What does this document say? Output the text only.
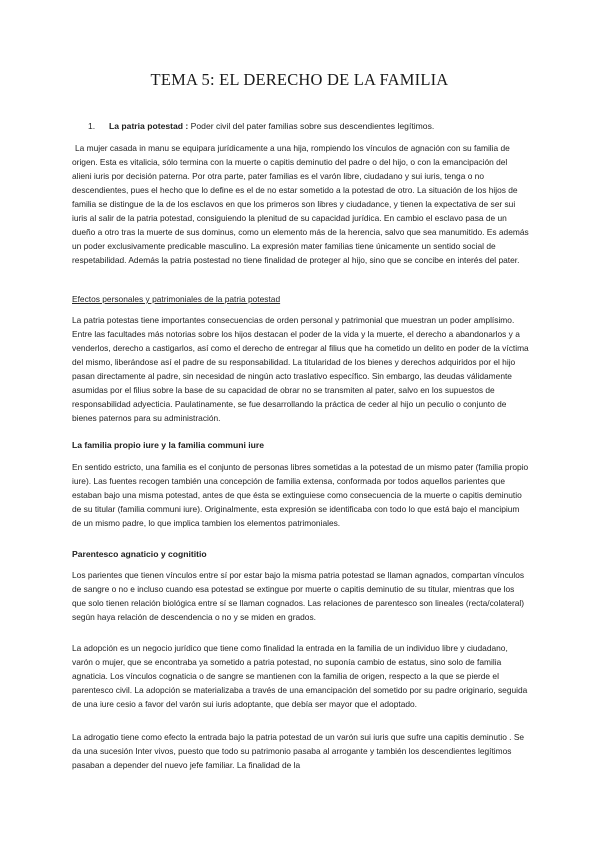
TEMA 5: EL DERECHO DE LA FAMILIA

1. La patria potestad : Poder civil del pater familias sobre sus descendientes legítimos.

La mujer casada in manu se equipara jurídicamente a una hija, rompiendo los vínculos de agnación con su familia de origen. Esta es vitalicia, sólo termina con la muerte o capitis deminutio del padre o del hijo, o con la emancipación del alieni iuris por decisión paterna. Por otra parte, pater familias es el varón libre, ciudadano y sui iuris, tenga o no descendientes, pues el hecho que lo define es el de no estar sometido a la potestad de otro. La situación de los hijos de familia se distingue de la de los esclavos en que los primeros son libres y ciudadance, y tienen la expectativa de ser sui iuris al salir de la patria potestad, consiguiendo la plenitud de su capacidad jurídica. En cambio el esclavo pasa de un dueño a otro tras la muerte de sus dominus, como un elemento más de la herencia, salvo que sea manumitido. Es además un poder exclusivamente predicable masculino. La expresión mater familias tiene únicamente un sentido social de respetabilidad. Además la patria postestad no tiene finalidad de proteger al hijo, sino que se concibe en interés del pater.

Efectos personales y patrimoniales de la patria potestad

La patria potestas tiene importantes consecuencias de orden personal y patrimonial que muestran un poder amplísimo. Entre las facultades más notorias sobre los hijos destacan el poder de la vida y la muerte, el derecho a abandonarlos y a venderlos, derecho a castigarlos, así como el derecho de entregar al filius que ha cometido un delito en poder de la víctima del mismo, liberándose así el padre de su responsabilidad. La titularidad de los bienes y derechos adquiridos por el hijo pasan directamente al padre, sin necesidad de ningún acto traslativo específico. Sin embargo, las deudas válidamente asumidas por el filius sobre la base de su capacidad de obrar no se transmiten al pater, salvo en los supuestos de responsabilidad adyecticia. Paulatinamente, se fue desarrollando la práctica de ceder al hijo un peculio o conjunto de bienes paternos para su administración.

La familia propio iure y la familia communi iure

En sentido estricto, una familia es el conjunto de personas libres sometidas a la potestad de un mismo pater (familia propio iure). Las fuentes recogen también una concepción de familia extensa, conformada por todos aquellos parientes que estaban bajo una misma potestad, antes de que ésta se extinguiese como consecuencia de la muerte o capitis deminutio de su titular (familia communi iure). Originalmente, esta expresión se identificaba con todo lo que está bajo el mancipium de un mismo padre, lo que implica tambien los elementos patrimoniales.

Parentesco agnaticio y cognititio

Los parientes que tienen vínculos entre sí por estar bajo la misma patria potestad se llaman agnados, compartan vínculos de sangre o no e incluso cuando esa potestad se extingue por muerte o capitis deminutio de su titular, mientras que los que solo tienen relación biológica entre sí se llaman cognados. Las relaciones de parentesco son lineales (recta/colateral) según haya relación de descendencia o no y se miden en grados.

La adopción es un negocio jurídico que tiene como finalidad la entrada en la familia de un individuo libre y ciudadano, varón o mujer, que se encontraba ya sometido a patria potestad, no suponía cambio de estatus, sino solo de familia agnaticia. Los vínculos cognaticia o de sangre se mantienen con la familia de origen, respecto a la que se pierde el parentesco civil. La adopción se materializaba a través de una emancipación del sometido por su padre originario, seguida de una iure cesio a favor del varón sui iuris adoptante, que debía ser mayor que el adoptado.

La adrogatio tiene como efecto la entrada bajo la patria potestad de un varón sui iuris que sufre una capitis deminutio . Se da una sucesión Inter vivos, puesto que todo su patrimonio pasaba al arrogante y también los descendientes legítimos pasaban a depender del nuevo jefe familiar. La finalidad de la
